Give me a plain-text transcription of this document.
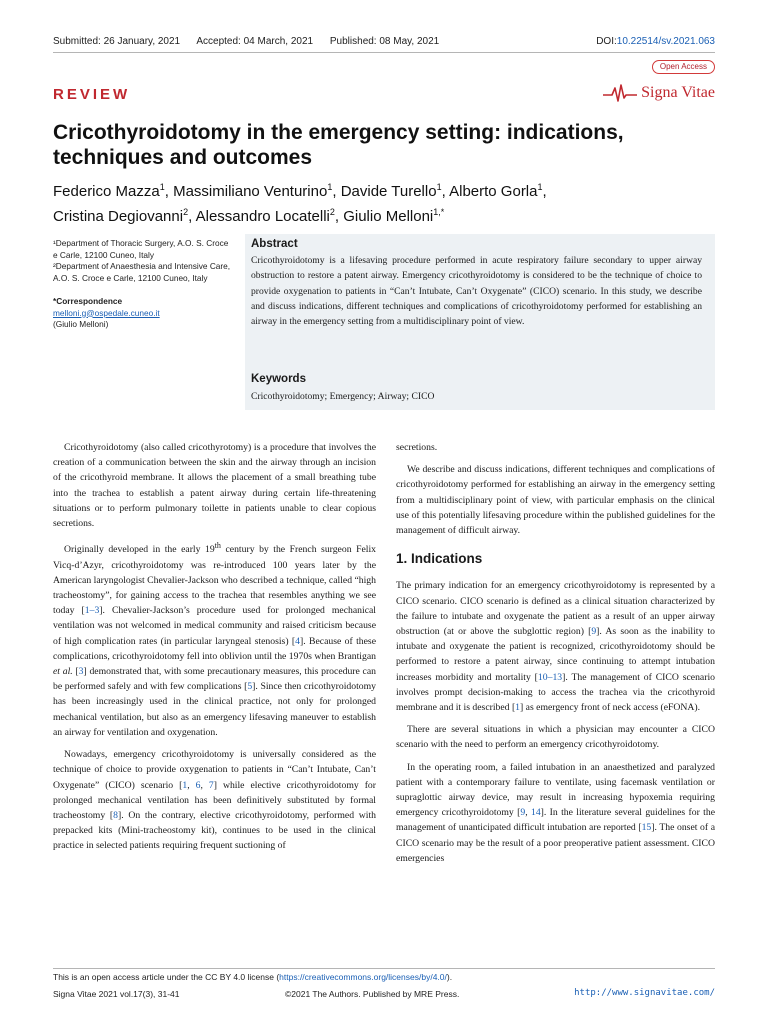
Submitted: 26 January, 2021 Accepted: 04 March, 2021 Published: 08 May, 2021	DOI:10.22514/sv.2021.063
Open Access
Signa Vitae
REVIEW
Cricothyroidotomy in the emergency setting: indications, techniques and outcomes
Federico Mazza$^1$, Massimiliano Venturino$^1$, Davide Turello$^1$, Alberto Gorla$^1$,
Cristina Degiovanni$^2$, Alessandro Locatelli$^2$, Giulio Melloni$^{1,*}$

¹Department of Thoracic Surgery, A.O. S. Croce e Carle, 12100 Cuneo, Italy

²Department of Anaesthesia and Intensive Care, A.O. S. Croce e Carle, 12100 Cuneo, Italy

*Correspondence

melloni.g@ospedale.cuneo.it

(Giulio Melloni)

Abstract
Cricothyroidotomy is a lifesaving procedure performed in acute respiratory failure secondary to upper airway obstruction to restore a patent airway. Emergency cricothyroidotomy is considered to be the technique of choice to provide oxygenation to patients in “Can’t Intubate, Can’t Oxygenate” (CICO) scenario. In this study, we describe and discuss indications, different techniques and complications of cricothyroidotomy performed for establishing an airway in the emergency setting from a multidisciplinary point of view.
Keywords
Cricothyroidotomy; Emergency; Airway; CICO

Cricothyroidotomy (also called cricothyrotomy) is a procedure that involves the creation of a communication between the skin and the airway through an incision of the cricothyroid membrane. It allows the placement of a small breathing tube into the trachea to establish a patent airway during certain life-threatening situations or to perform pulmonary toilette in patients unable to clear copious secretions.

Originally developed in the early 19th century by the French surgeon Felix Vicq-d’Azyr, cricothyroidotomy was re-introduced 100 years later by the American laryngologist Chevalier-Jackson who described a technique, called “high tracheostomy”, for gaining access to the trachea that resembles anything we see today [1–3]. Chevalier-Jackson’s procedure used for prolonged mechanical ventilation was not welcomed in medical community and raised criticism because of high complication rates (in particular laryngeal stenosis) [4]. Because of these complications, cricothyroidotomy fell into oblivion until the 1970s when Brantigan et al. [3] demonstrated that, with some precautionary measures, this procedure can be performed safely and with few complications [5]. Since then cricothyroidotomy has been increasingly used in the clinical practice, not only for prolonged mechanical ventilation, but also as an emergency lifesaving maneuver to establish an airway for ventilation and oxygenation.

Nowadays, emergency cricothyroidotomy is universally considered as the technique of choice to provide oxygenation to patients in “Can’t Intubate, Can’t Oxygenate” (CICO) scenario [1, 6, 7] while elective cricothyroidotomy for prolonged mechanical ventilation has been definitively substituted by formal tracheostomy [8]. On the contrary, elective cricothyroidotomy, performed with prepacked kits (Mini-tracheostomy kit), continues to be used in the clinical practice in selected patients requiring frequent suctioning of

secretions.

We describe and discuss indications, different techniques and complications of cricothyroidotomy performed for establishing an airway in the emergency setting from a multidisciplinary point of view, with particular emphasis on the clinical use of this potentially lifesaving procedure within the published guidelines for the management of difficult airway.

1. Indications

The primary indication for an emergency cricothyroidotomy is represented by a CICO scenario. CICO scenario is defined as a clinical situation characterized by the failure to intubate and oxygenate the patient as a result of an upper airway obstruction (at or above the subglottic region) [9]. As soon as the inability to intubate and oxygenate the patient is recognized, cricothyroidotomy should be performed to restore a patent airway, since continuing to attempt intubation increases morbidity and mortality [10–13]. The management of CICO scenario involves prompt decision-making to access the trachea via the cricothyroid membrane and it is described [1] as emergency front of neck access (eFONA).

There are several situations in which a physician may encounter a CICO scenario with the need to perform an emergency cricothyroidotomy.

In the operating room, a failed intubation in an anaesthetized and paralyzed patient with a contemporary failure to ventilate, using facemask ventilation or supraglottic airway device, may result in increasing hypoxemia requiring emergency cricothyroidotomy [9, 14]. In the literature several guidelines for the management of unanticipated difficult intubation are reported [15]. The onset of a CICO scenario may be the result of a poor preoperative patient assessment. CICO emergencies

This is an open access article under the CC BY 4.0 license (https://creativecommons.org/licenses/by/4.0/).
Signa Vitae 2021 vol.17(3), 31-41	©2021 The Authors. Published by MRE Press.	http://www.signavitae.com/
